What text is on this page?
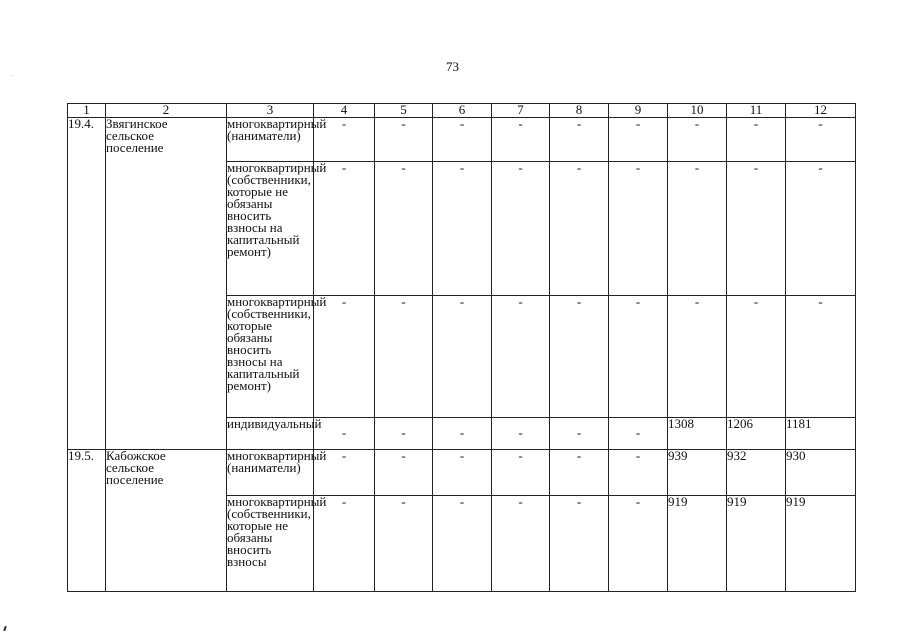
73
1	2	3	4	5	6	7	8	9	10	11	12
19.4.	Звягинское сельское поселение	многоквартирный (наниматели)	-	-	-	-	-	-	-	-	-

		многоквартирный (собственники, которые не обязаны вносить взносы на капитальный ремонт)	-	-	-	-	-	-	-	-	-

		многоквартирный (собственники, которые обязаны вносить взносы на капитальный ремонт)	-	-	-	-	-	-	-	-	-

		индивидуальный	-	-	-	-	-	-	1308	1206	1181
19.5.	Кабожское сельское поселение	многоквартирный (наниматели)	-	-	-	-	-	-	939	932	930

		многоквартирный (собственники, которые не обязаны вносить взносы	-	-	-	-	-	-	919	919	919
